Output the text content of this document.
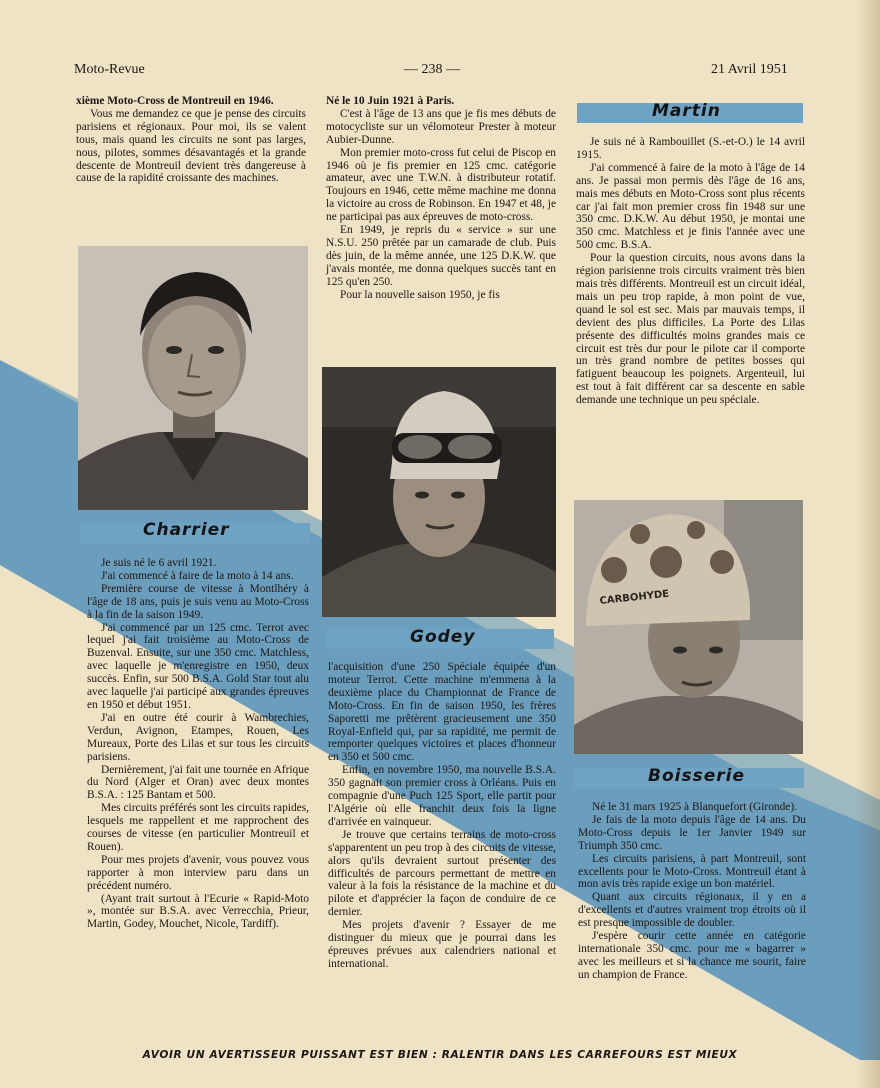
Moto-Revue	— 238 —	21 Avril 1951

xième Moto-Cross de Montreuil en 1946.

Vous me demandez ce que je pense des circuits parisiens et régionaux. Pour moi, ils se valent tous, mais quand les circuits ne sont pas larges, nous, pilotes, sommes désavantagés et la grande descente de Montreuil devient très dangereuse à cause de la rapidité croissante des machines.

Charrier

Je suis né le 6 avril 1921.

J'ai commencé à faire de la moto à 14 ans.

Première course de vitesse à Montlhéry à l'âge de 18 ans, puis je suis venu au Moto-Cross à la fin de la saison 1949.

J'ai commencé par un 125 cmc. Terrot avec lequel j'ai fait troisième au Moto-Cross de Buzenval. Ensuite, sur une 350 cmc. Matchless, avec laquelle je m'enregistre en 1950, deux succès. Enfin, sur 500 B.S.A. Gold Star tout alu avec laquelle j'ai participé aux grandes épreuves en 1950 et début 1951.

J'ai en outre été courir à Wambrechies, Verdun, Avignon, Etampes, Rouen, Les Mureaux, Porte des Lilas et sur tous les circuits parisiens.

Dernièrement, j'ai fait une tournée en Afrique du Nord (Alger et Oran) avec deux montes B.S.A. : 125 Bantam et 500.

Mes circuits préférés sont les circuits rapides, lesquels me rappellent et me rapprochent des courses de vitesse (en particulier Montreuil et Rouen).

Pour mes projets d'avenir, vous pouvez vous rapporter à mon interview paru dans un précédent numéro.

(Ayant trait surtout à l'Ecurie « Rapid-Moto », montée sur B.S.A. avec Verrecchia, Prieur, Martin, Godey, Mouchet, Nicole, Tardiff).

Né le 10 Juin 1921 à Paris.

C'est à l'âge de 13 ans que je fis mes débuts de motocycliste sur un vélomoteur Prester à moteur Aubier-Dunne.

Mon premier moto-cross fut celui de Piscop en 1946 où je fis premier en 125 cmc. catégorie amateur, avec une T.W.N. à distributeur rotatif. Toujours en 1946, cette même machine me donna la victoire au cross de Robinson. En 1947 et 48, je ne participai pas aux épreuves de moto-cross.

En 1949, je repris du « service » sur une N.S.U. 250 prêtée par un camarade de club. Puis dès juin, de la même année, une 125 D.K.W. que j'avais montée, me donna quelques succès tant en 125 qu'en 250.

Pour la nouvelle saison 1950, je fis

Godey

l'acquisition d'une 250 Spéciale équipée d'un moteur Terrot. Cette machine m'emmena à la deuxième place du Championnat de France de Moto-Cross. En fin de saison 1950, les frères Saporetti me prêtèrent gracieusement une 350 Royal-Enfield qui, par sa rapidité, me permit de remporter quelques victoires et places d'honneur en 350 et 500 cmc.

Enfin, en novembre 1950, ma nouvelle B.S.A. 350 gagnait son premier cross à Orléans. Puis en compagnie d'une Puch 125 Sport, elle partit pour l'Algérie où elle franchit deux fois la ligne d'arrivée en vainqueur.

Je trouve que certains terrains de moto-cross s'apparentent un peu trop à des circuits de vitesse, alors qu'ils devraient surtout présenter des difficultés de parcours permettant de mettre en valeur à la fois la résistance de la machine et du pilote et d'apprécier la façon de conduire de ce dernier.

Mes projets d'avenir ? Essayer de me distinguer du mieux que je pourrai dans les épreuves prévues aux calendriers national et international.

Martin

Je suis né à Rambouillet (S.-et-O.) le 14 avril 1915.

J'ai commencé à faire de la moto à l'âge de 14 ans. Je passai mon permis dès l'âge de 16 ans, mais mes débuts en Moto-Cross sont plus récents car j'ai fait mon premier cross fin 1948 sur une 350 cmc. D.K.W. Au début 1950, je montai une 350 cmc. Matchless et je finis l'année avec une 500 cmc. B.S.A.

Pour la question circuits, nous avons dans la région parisienne trois circuits vraiment très bien mais très différents. Montreuil est un circuit idéal, mais un peu trop rapide, à mon point de vue, quand le sol est sec. Mais par mauvais temps, il devient des plus difficiles. La Porte des Lilas présente des difficultés moins grandes mais ce circuit est très dur pour le pilote car il comporte un très grand nombre de petites bosses qui fatiguent beaucoup les poignets. Argenteuil, lui est tout à fait différent car sa descente en sable demande une technique un peu spéciale.

CARBOHYDE
Boisserie

Né le 31 mars 1925 à Blanquefort (Gironde).

Je fais de la moto depuis l'âge de 14 ans. Du Moto-Cross depuis le 1er Janvier 1949 sur Triumph 350 cmc.

Les circuits parisiens, à part Montreuil, sont excellents pour le Moto-Cross. Montreuil étant à mon avis très rapide exige un bon matériel.

Quant aux circuits régionaux, il y en a d'excellents et d'autres vraiment trop étroits où il est presque impossible de doubler.

J'espère courir cette année en catégorie internationale 350 cmc. pour me « bagarrer » avec les meilleurs et si la chance me sourit, faire un champion de France.

AVOIR UN AVERTISSEUR PUISSANT EST BIEN : RALENTIR DANS LES CARREFOURS EST MIEUX
